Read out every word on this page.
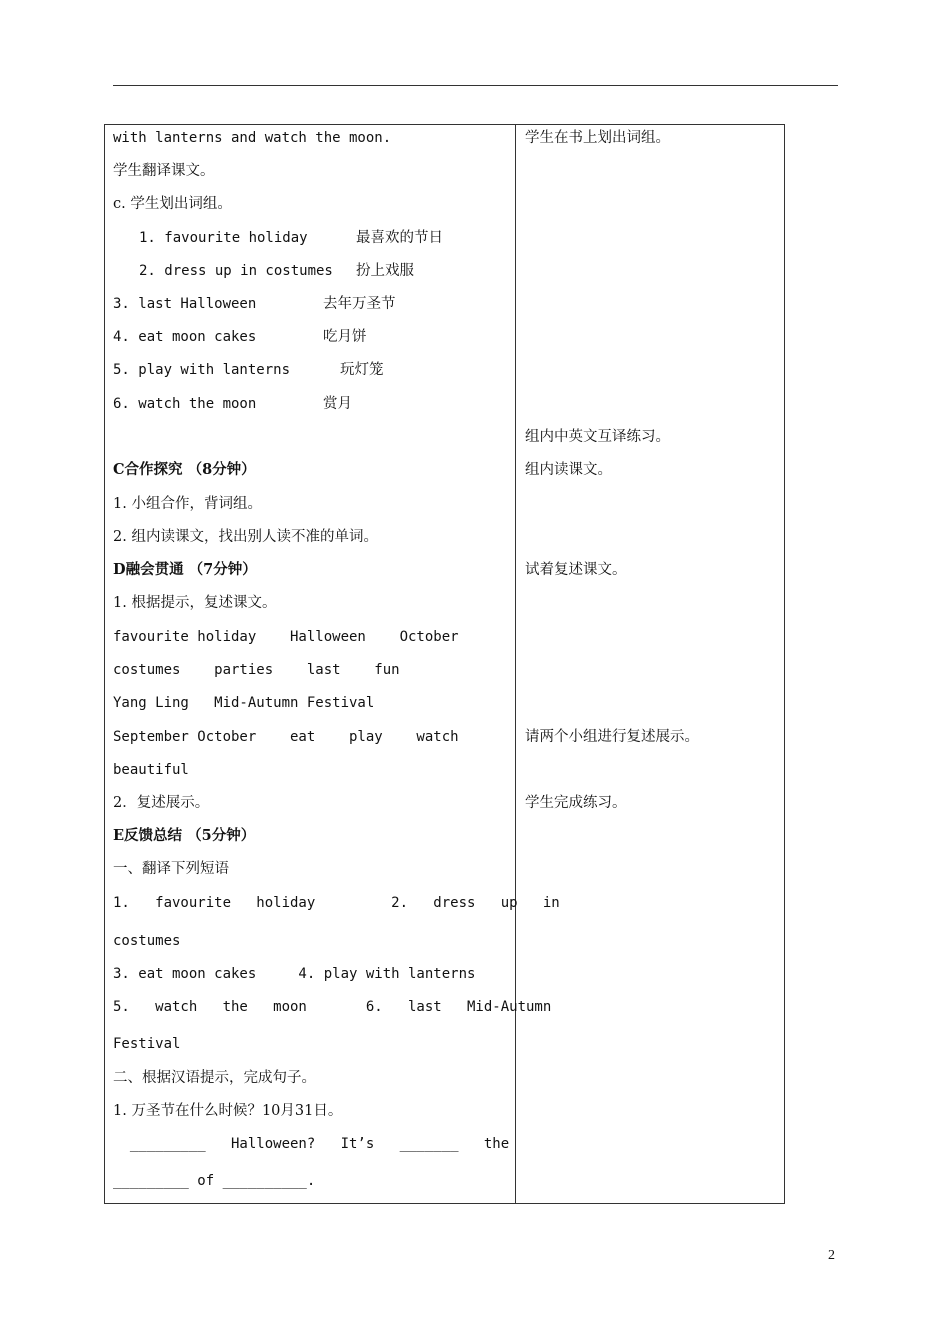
with lanterns and watch the moon.
学生翻译课文。
c. 学生划出词组。
1. favourite holiday	最喜欢的节日
2. dress up in costumes 扮上戏服
3. last Halloween	去年万圣节
4. eat moon cakes	吃月饼
5. play with lanterns	玩灯笼
6. watch the moon	赏月
C合作探究 （8分钟）
1. 小组合作，背词组。
2. 组内读课文，找出别人读不准的单词。
D融会贯通 （7分钟）
1. 根据提示，复述课文。
favourite holiday    Halloween    October
costumes    parties    last    fun
Yang Ling   Mid-Autumn Festival
September October    eat    play    watch
beautiful
2．复述展示。
E反馈总结 （5分钟）
一、翻译下列短语
1.   favourite   holiday         2.   dress   up   in
costumes
3. eat moon cakes     4. play with lanterns
5.   watch   the   moon       6.   last   Mid-Autumn
Festival
二、根据汉语提示，完成句子。
1. 万圣节在什么时候？10月31日。
_________   Halloween?   It’s   _______   the
_________ of __________.
学生在书上划出词组。
组内中英文互译练习。
组内读课文。
试着复述课文。
请两个小组进行复述展示。
学生完成练习。
2
